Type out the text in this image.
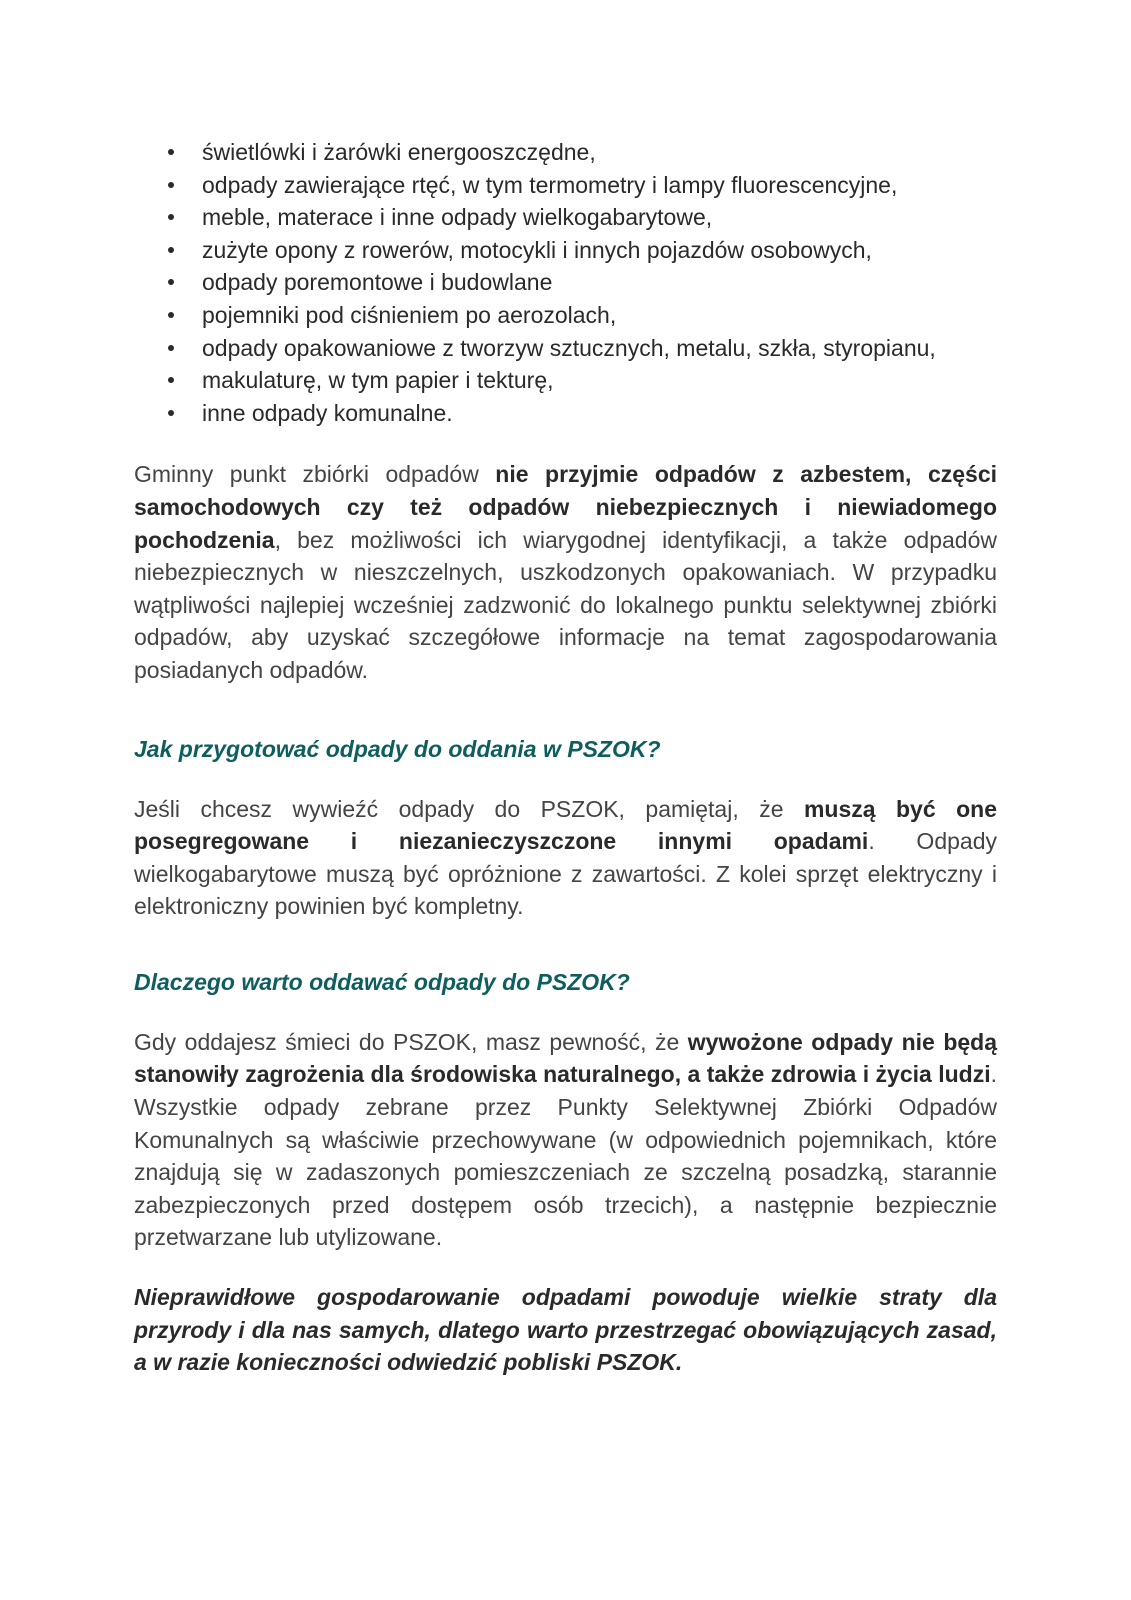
świetlówki i żarówki energooszczędne,
odpady zawierające rtęć, w tym termometry i lampy fluorescencyjne,
meble, materace i inne odpady wielkogabarytowe,
zużyte opony z rowerów, motocykli i innych pojazdów osobowych,
odpady poremontowe i budowlane
pojemniki pod ciśnieniem po aerozolach,
odpady opakowaniowe z tworzyw sztucznych, metalu, szkła, styropianu,
makulaturę, w tym papier i tekturę,
inne odpady komunalne.

Gminny punkt zbiórki odpadów nie przyjmie odpadów z azbestem, części samochodowych czy też odpadów niebezpiecznych i niewiadomego pochodzenia, bez możliwości ich wiarygodnej identyfikacji, a także odpadów niebezpiecznych w nieszczelnych, uszkodzonych opakowaniach. W przypadku wątpliwości najlepiej wcześniej zadzwonić do lokalnego punktu selektywnej zbiórki odpadów, aby uzyskać szczegółowe informacje na temat zagospodarowania posiadanych odpadów.

Jak przygotować odpady do oddania w PSZOK?

Jeśli chcesz wywieźć odpady do PSZOK, pamiętaj, że muszą być one posegregowane i niezanieczyszczone innymi opadami. Odpady wielkogabarytowe muszą być opróżnione z zawartości. Z kolei sprzęt elektryczny i elektroniczny powinien być kompletny.

Dlaczego warto oddawać odpady do PSZOK?

Gdy oddajesz śmieci do PSZOK, masz pewność, że wywożone odpady nie będą stanowiły zagrożenia dla środowiska naturalnego, a także zdrowia i życia ludzi. Wszystkie odpady zebrane przez Punkty Selektywnej Zbiórki Odpadów Komunalnych są właściwie przechowywane (w odpowiednich pojemnikach, które znajdują się w zadaszonych pomieszczeniach ze szczelną posadzką, starannie zabezpieczonych przed dostępem osób trzecich), a następnie bezpiecznie przetwarzane lub utylizowane.

Nieprawidłowe gospodarowanie odpadami powoduje wielkie straty dla przyrody i dla nas samych, dlatego warto przestrzegać obowiązujących zasad, a w razie konieczności odwiedzić pobliski PSZOK.
